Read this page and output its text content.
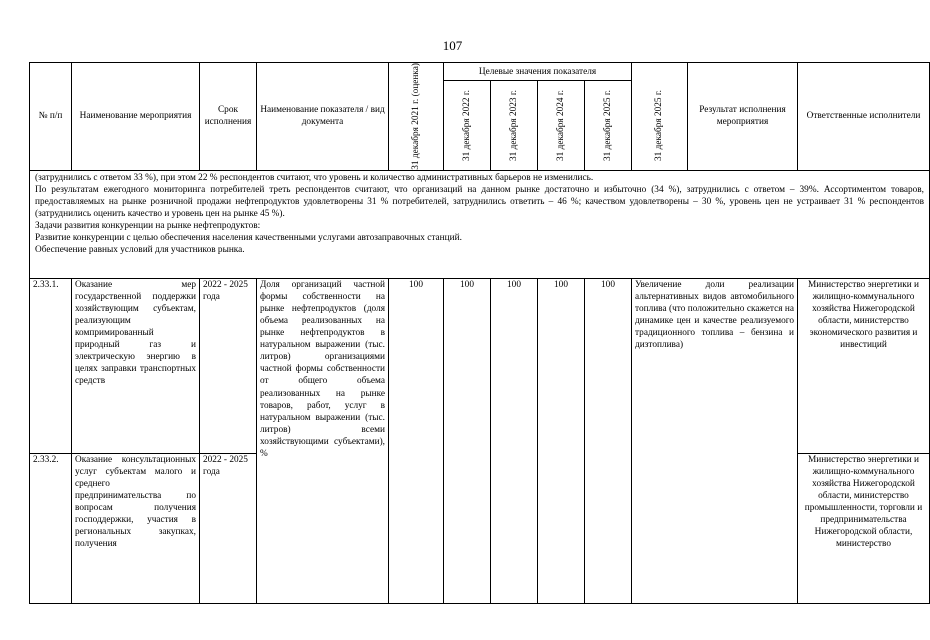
107
№ п/п	Наименование мероприятия	Срок исполнения	Наименование показателя / вид документа	31 декабря 2021 г. (оценка)	Целевые значения показателя					Результат исполнения мероприятия	Ответственные исполнители

					31 декабря 2022 г.	31 декабря 2023 г.	31 декабря 2024 г.	31 декабря 2025 г.	31 декабря 2025 г.		

(затруднились с ответом 33 %), при этом 22 % респондентов считают, что уровень и количество административных барьеров не изменились.
По результатам ежегодного мониторинга потребителей треть респондентов считают, что организаций на данном рынке достаточно и избыточно (34 %), затруднились с ответом – 39%. Ассортиментом товаров, предоставляемых на рынке розничной продажи нефтепродуктов удовлетворены 31 % потребителей, затруднились ответить – 46 %; качеством удовлетворены – 30 %, уровень цен не устраивает 31 % респондентов (затруднились оценить качество и уровень цен на рынке 45 %).
Задачи развития конкуренции на рынке нефтепродуктов:
Развитие конкуренции с целью обеспечения населения качественными услугами автозаправочных станций.
Обеспечение равных условий для участников рынка.											

2.33.1.	Оказание мер государственной поддержки хозяйствующим субъектам, реализующим компримированный природный газ и электрическую энергию в целях заправки транспортных средств	2022 - 2025 года	Доля организаций частной формы собственности на рынке нефтепродуктов (доля объема реализованных на рынке нефтепродуктов в натуральном выражении (тыс. литров) организациями частной формы собственности от общего объема реализованных на рынке товаров, работ, услуг в натуральном выражении (тыс. литров) всеми хозяйствующими субъектами), %	100	100	100	100	100	Увеличение доли реализации альтернативных видов автомобильного топлива (что положительно скажется на динамике цен и качестве реализуемого традиционного топлива – бензина и дизтоплива)		Министерство энергетики и жилищно-коммунального хозяйства Нижегородской области, министерство экономического развития и инвестиций
2.33.2.	Оказание консультационных услуг субъектам малого и среднего предпринимательства по вопросам получения господдержки, участия в региональных закупках, получения	2022 - 2025 года									Министерство энергетики и жилищно-коммунального хозяйства Нижегородской области, министерство промышленности, торговли и предпринимательства Нижегородской области, министерство
